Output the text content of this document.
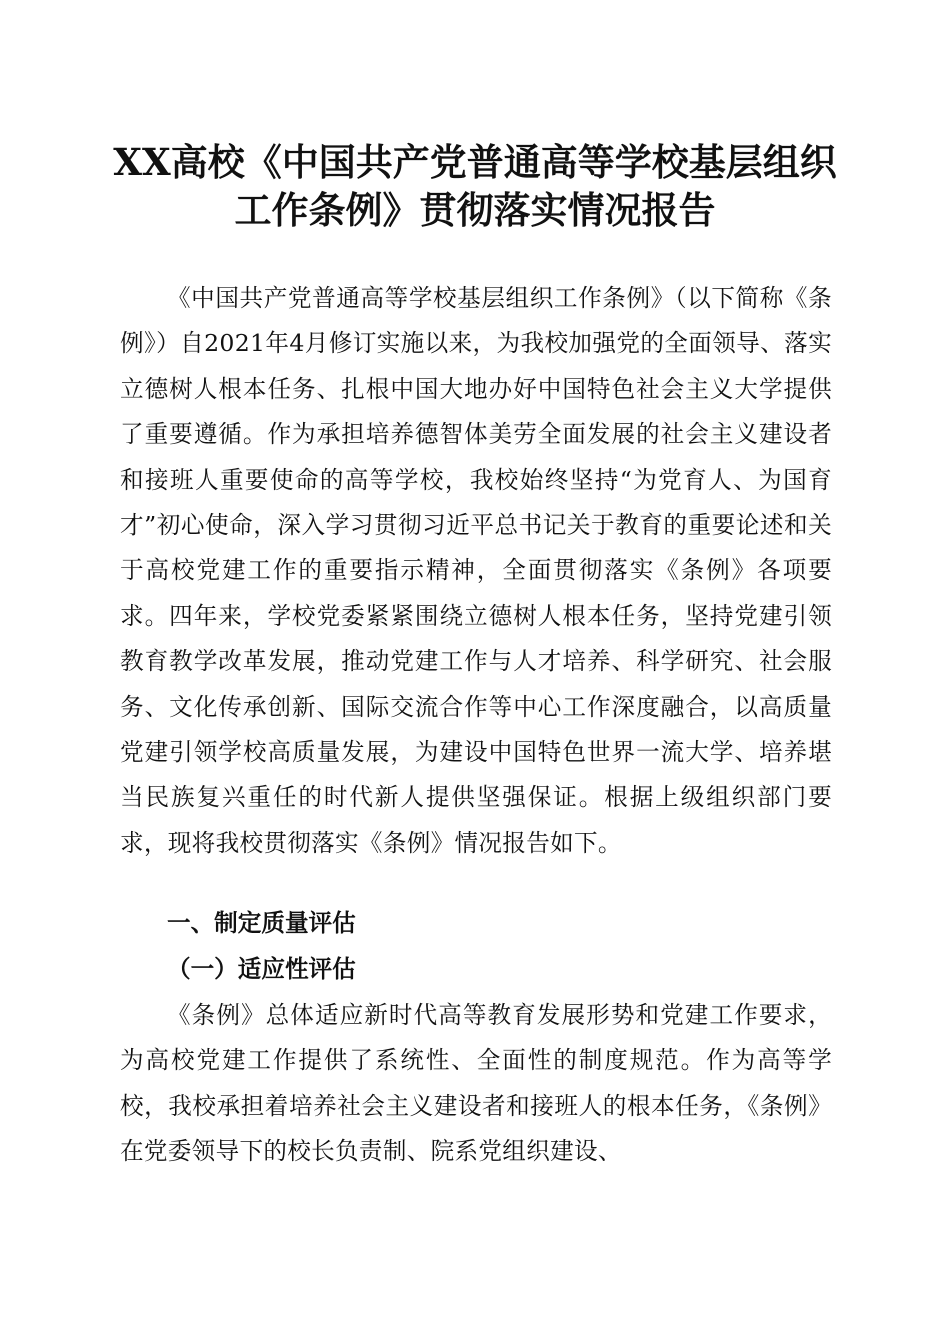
XX高校《中国共产党普通高等学校基层组织
工作条例》贯彻落实情况报告

《中国共产党普通高等学校基层组织工作条例》（以下简称《条例》）自2021年4月修订实施以来，为我校加强党的全面领导、落实立德树人根本任务、扎根中国大地办好中国特色社会主义大学提供了重要遵循。作为承担培养德智体美劳全面发展的社会主义建设者和接班人重要使命的高等学校，我校始终坚持“为党育人、为国育才”初心使命，深入学习贯彻习近平总书记关于教育的重要论述和关于高校党建工作的重要指示精神，全面贯彻落实《条例》各项要求。四年来，学校党委紧紧围绕立德树人根本任务，坚持党建引领教育教学改革发展，推动党建工作与人才培养、科学研究、社会服务、文化传承创新、国际交流合作等中心工作深度融合，以高质量党建引领学校高质量发展，为建设中国特色世界一流大学、培养堪当民族复兴重任的时代新人提供坚强保证。根据上级组织部门要求，现将我校贯彻落实《条例》情况报告如下。

一、制定质量评估
（一）适应性评估

《条例》总体适应新时代高等教育发展形势和党建工作要求，为高校党建工作提供了系统性、全面性的制度规范。作为高等学校，我校承担着培养社会主义建设者和接班人的根本任务，《条例》在党委领导下的校长负责制、院系党组织建设、
